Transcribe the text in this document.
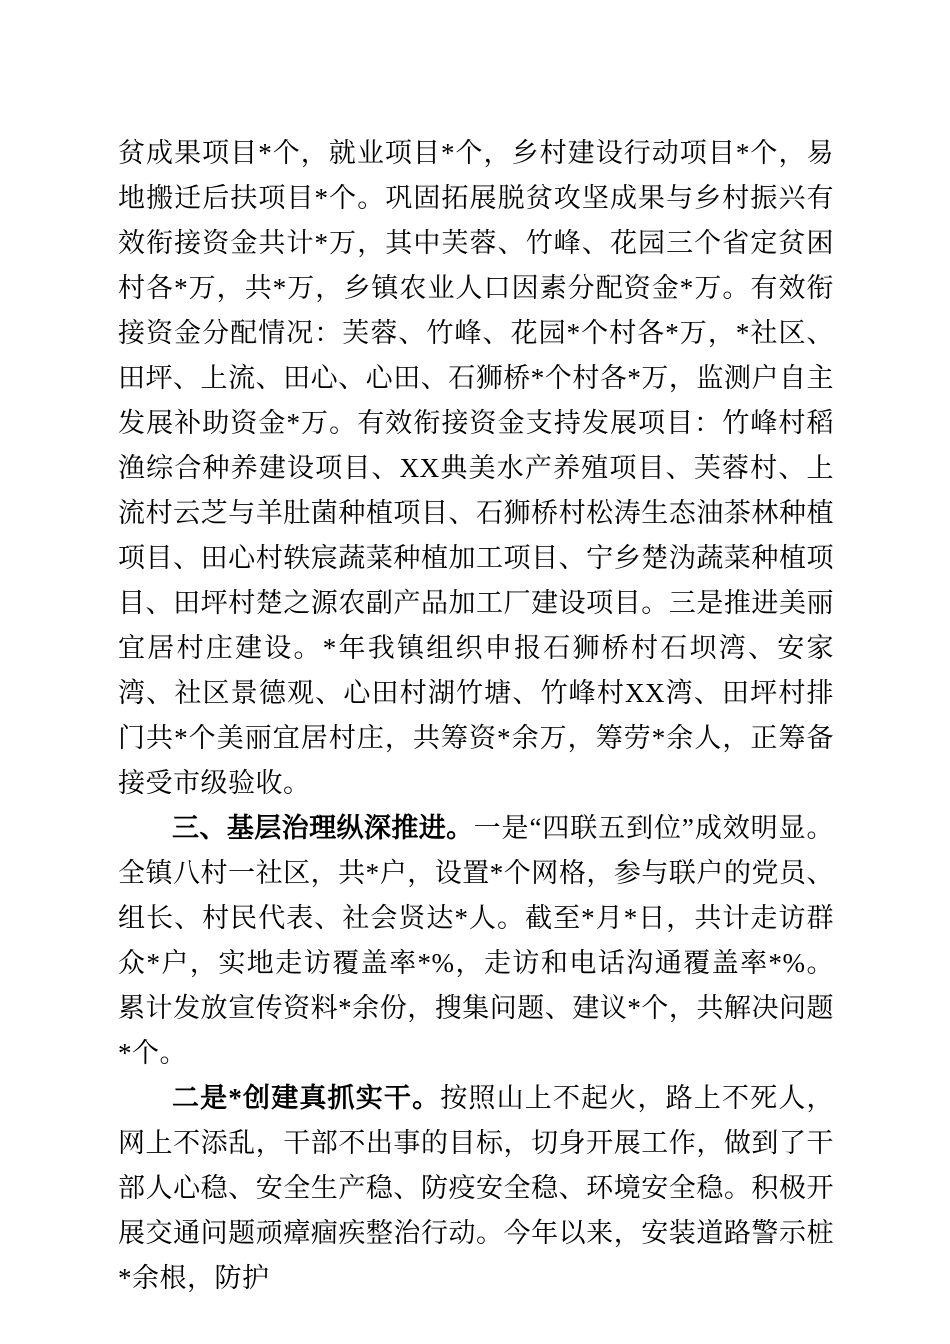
贫成果项目*个，就业项目*个，乡村建设行动项目*个，易地搬迁后扶项目*个。巩固拓展脱贫攻坚成果与乡村振兴有效衔接资金共计*万，其中芙蓉、竹峰、花园三个省定贫困村各*万，共*万，乡镇农业人口因素分配资金*万。有效衔接资金分配情况：芙蓉、竹峰、花园*个村各*万，*社区、田坪、上流、田心、心田、石狮桥*个村各*万，监测户自主发展补助资金*万。有效衔接资金支持发展项目：竹峰村稻渔综合种养建设项目、XX典美水产养殖项目、芙蓉村、上流村云芝与羊肚菌种植项目、石狮桥村松涛生态油茶林种植项目、田心村轶宸蔬菜种植加工项目、宁乡楚沩蔬菜种植项目、田坪村楚之源农副产品加工厂建设项目。三是推进美丽宜居村庄建设。*年我镇组织申报石狮桥村石坝湾、安家湾、社区景德观、心田村湖竹塘、竹峰村XX湾、田坪村排门共*个美丽宜居村庄，共筹资*余万，筹劳*余人，正筹备接受市级验收。

三、基层治理纵深推进。一是“四联五到位”成效明显。全镇八村一社区，共*户，设置*个网格，参与联户的党员、组长、村民代表、社会贤达*人。截至*月*日，共计走访群众*户，实地走访覆盖率*%，走访和电话沟通覆盖率*%。累计发放宣传资料*余份，搜集问题、建议*个，共解决问题*个。

二是*创建真抓实干。按照山上不起火，路上不死人，网上不添乱，干部不出事的目标，切身开展工作，做到了干部人心稳、安全生产稳、防疫安全稳、环境安全稳。积极开展交通问题顽瘴痼疾整治行动。今年以来，安装道路警示桩*余根，防护
